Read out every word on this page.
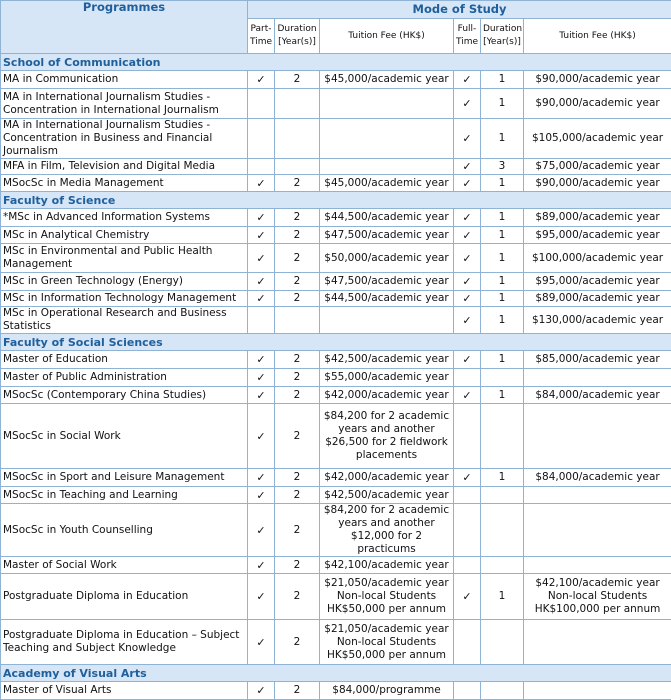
Programmes	Mode of Study					
	Part-Time	Duration [Year(s)]	Tuition Fee (HK$)	Full-Time	Duration [Year(s)]	Tuition Fee (HK$)
School of Communication						
MA in Communication	✓	2	$45,000/academic year	✓	1	$90,000/academic year
MA in International Journalism Studies -Concentration in International Journalism				✓	1	$90,000/academic year
MA in International Journalism Studies - Concentration in Business and Financial Journalism				✓	1	$105,000/academic year
MFA in Film, Television and Digital Media				✓	3	$75,000/academic year
MSocSc in Media Management	✓	2	$45,000/academic year	✓	1	$90,000/academic year
Faculty of Science						
*MSc in Advanced Information Systems	✓	2	$44,500/academic year	✓	1	$89,000/academic year
MSc in Analytical Chemistry	✓	2	$47,500/academic year	✓	1	$95,000/academic year
MSc in Environmental and Public Health Management	✓	2	$50,000/academic year	✓	1	$100,000/academic year
MSc in Green Technology (Energy)	✓	2	$47,500/academic year	✓	1	$95,000/academic year
MSc in Information Technology Management	✓	2	$44,500/academic year	✓	1	$89,000/academic year
MSc in Operational Research and Business Statistics				✓	1	$130,000/academic year
Faculty of Social Sciences						
Master of Education	✓	2	$42,500/academic year	✓	1	$85,000/academic year
Master of Public Administration	✓	2	$55,000/academic year			
MSocSc (Contemporary China Studies)	✓	2	$42,000/academic year	✓	1	$84,000/academic year
MSocSc in Social Work	✓	2	$84,200 for 2 academic years and another $26,500 for 2 fieldwork placements			
MSocSc in Sport and Leisure Management	✓	2	$42,000/academic year	✓	1	$84,000/academic year
MSocSc in Teaching and Learning	✓	2	$42,500/academic year			
MSocSc in Youth Counselling	✓	2	$84,200 for 2 academic years and another $12,000 for 2 practicums			
Master of Social Work	✓	2	$42,100/academic year			
Postgraduate Diploma in Education	✓	2	$21,050/academic year Non-local Students HK$50,000 per annum	✓	1	$42,100/academic year Non-local Students HK$100,000 per annum
Postgraduate Diploma in Education – Subject Teaching and Subject Knowledge	✓	2	$21,050/academic year Non-local Students HK$50,000 per annum			
Academy of Visual Arts						
Master of Visual Arts	✓	2	$84,000/programme			
